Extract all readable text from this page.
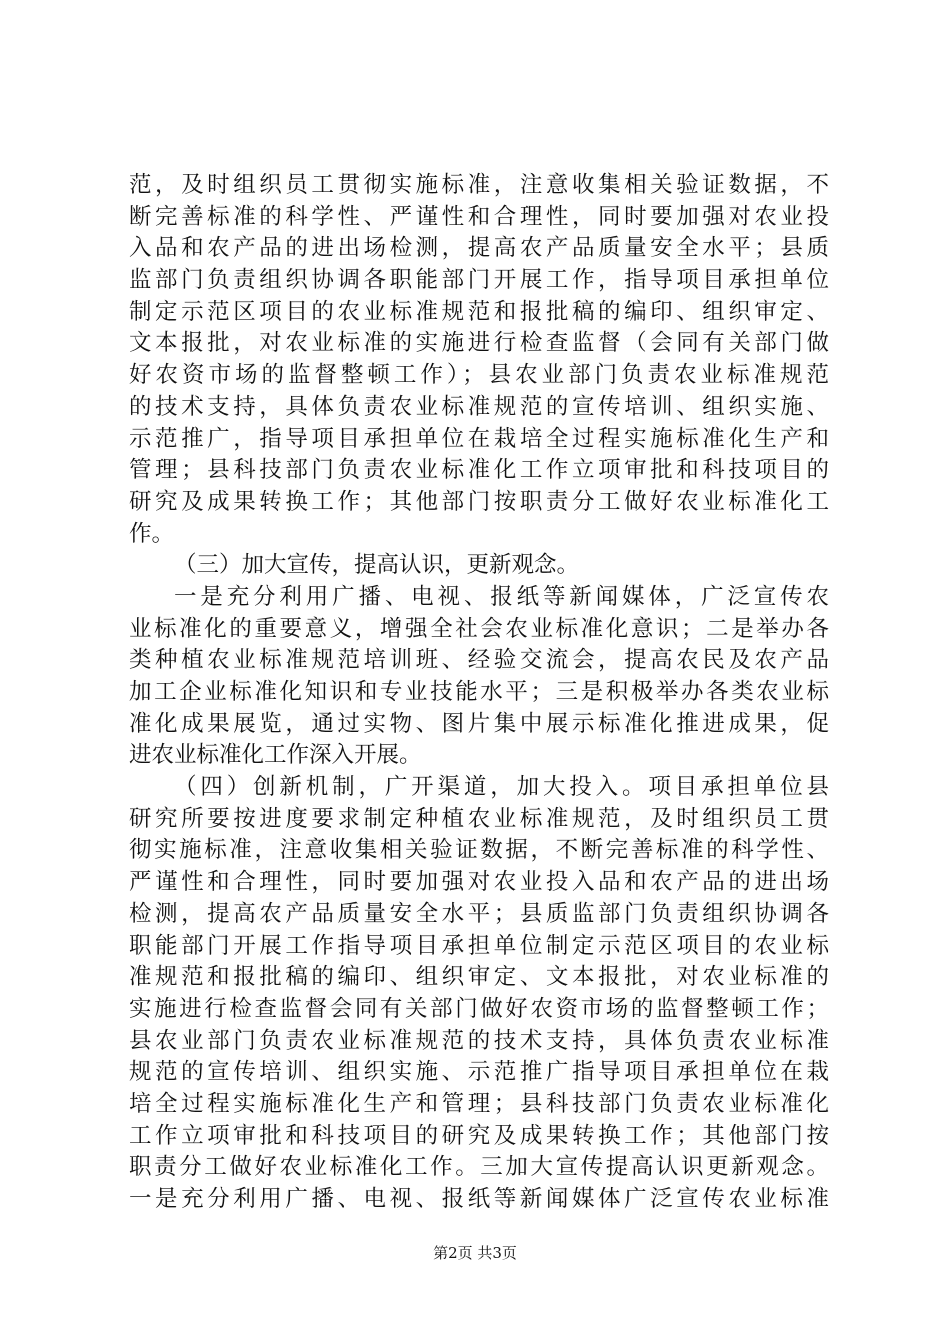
范，及时组织员工贯彻实施标准，注意收集相关验证数据，不
断完善标准的科学性、严谨性和合理性，同时要加强对农业投
入品和农产品的进出场检测，提高农产品质量安全水平；县质
监部门负责组织协调各职能部门开展工作，指导项目承担单位
制定示范区项目的农业标准规范和报批稿的编印、组织审定、
文本报批，对农业标准的实施进行检查监督（会同有关部门做
好农资市场的监督整顿工作）；县农业部门负责农业标准规范
的技术支持，具体负责农业标准规范的宣传培训、组织实施、
示范推广，指导项目承担单位在栽培全过程实施标准化生产和
管理；县科技部门负责农业标准化工作立项审批和科技项目的
研究及成果转换工作；其他部门按职责分工做好农业标准化工
作。
（三）加大宣传，提高认识，更新观念。
一是充分利用广播、电视、报纸等新闻媒体，广泛宣传农
业标准化的重要意义，增强全社会农业标准化意识；二是举办各
类种植农业标准规范培训班、经验交流会，提高农民及农产品
加工企业标准化知识和专业技能水平；三是积极举办各类农业标
准化成果展览，通过实物、图片集中展示标准化推进成果，促
进农业标准化工作深入开展。
（四）创新机制，广开渠道，加大投入。项目承担单位县
研究所要按进度要求制定种植农业标准规范，及时组织员工贯
彻实施标准，注意收集相关验证数据，不断完善标准的科学性、
严谨性和合理性，同时要加强对农业投入品和农产品的进出场
检测，提高农产品质量安全水平；县质监部门负责组织协调各
职能部门开展工作指导项目承担单位制定示范区项目的农业标
准规范和报批稿的编印、组织审定、文本报批，对农业标准的
实施进行检查监督会同有关部门做好农资市场的监督整顿工作；
县农业部门负责农业标准规范的技术支持，具体负责农业标准
规范的宣传培训、组织实施、示范推广指导项目承担单位在栽
培全过程实施标准化生产和管理；县科技部门负责农业标准化
工作立项审批和科技项目的研究及成果转换工作；其他部门按
职责分工做好农业标准化工作。三加大宣传提高认识更新观念。
一是充分利用广播、电视、报纸等新闻媒体广泛宣传农业标准
第2页 共3页
